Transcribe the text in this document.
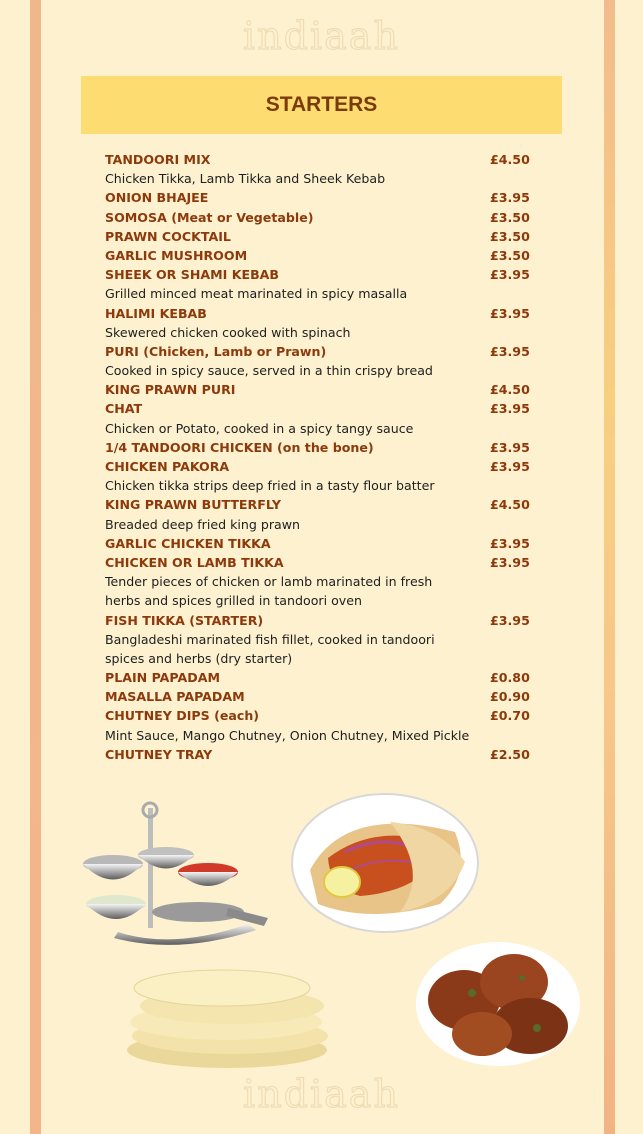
indiaah
STARTERS
TANDOORI MIX	£4.50
Chicken Tikka, Lamb Tikka and Sheek Kebab
ONION BHAJEE	£3.95
SOMOSA (Meat or Vegetable)	£3.50
PRAWN COCKTAIL	£3.50
GARLIC MUSHROOM	£3.50
SHEEK OR SHAMI KEBAB	£3.95
Grilled minced meat marinated in spicy masalla
HALIMI KEBAB	£3.95
Skewered chicken cooked with spinach
PURI (Chicken, Lamb or Prawn)	£3.95
Cooked in spicy sauce, served in a thin crispy bread
KING PRAWN PURI	£4.50
CHAT	£3.95
Chicken or Potato, cooked in a spicy tangy sauce
1/4 TANDOORI CHICKEN (on the bone)	£3.95
CHICKEN PAKORA	£3.95
Chicken tikka strips deep fried in a tasty flour batter
KING PRAWN BUTTERFLY	£4.50
Breaded deep fried king prawn
GARLIC CHICKEN TIKKA	£3.95
CHICKEN OR LAMB TIKKA	£3.95
Tender pieces of chicken or lamb marinated in fresh
herbs and spices grilled in tandoori oven
FISH TIKKA (STARTER)	£3.95
Bangladeshi marinated fish fillet, cooked in tandoori
spices and herbs (dry starter)
PLAIN PAPADAM	£0.80
MASALLA PAPADAM	£0.90
CHUTNEY DIPS (each)	£0.70
Mint Sauce, Mango Chutney, Onion Chutney, Mixed Pickle
CHUTNEY TRAY	£2.50
indiaah
